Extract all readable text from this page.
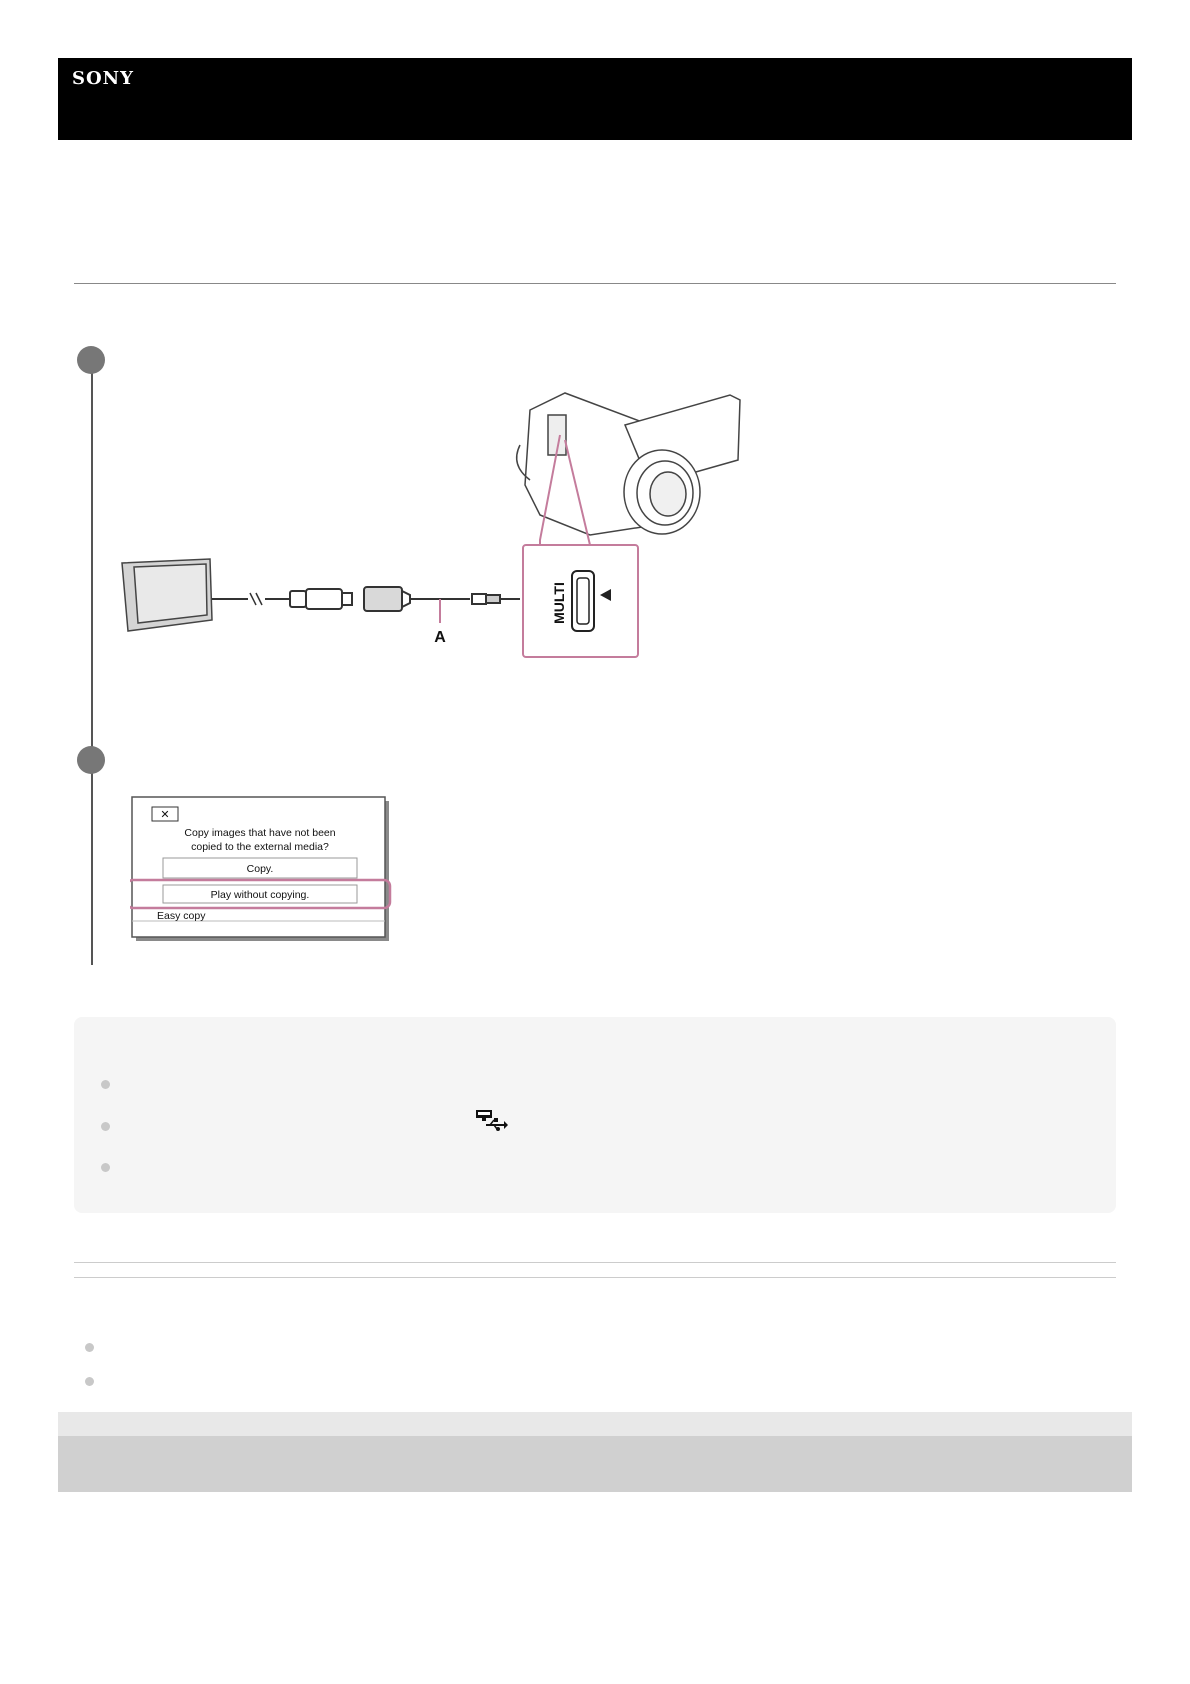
SONY
MULTI
A
✕
Copy images that have not been
copied to the external media?
Copy.
Play without copying.
Easy copy
